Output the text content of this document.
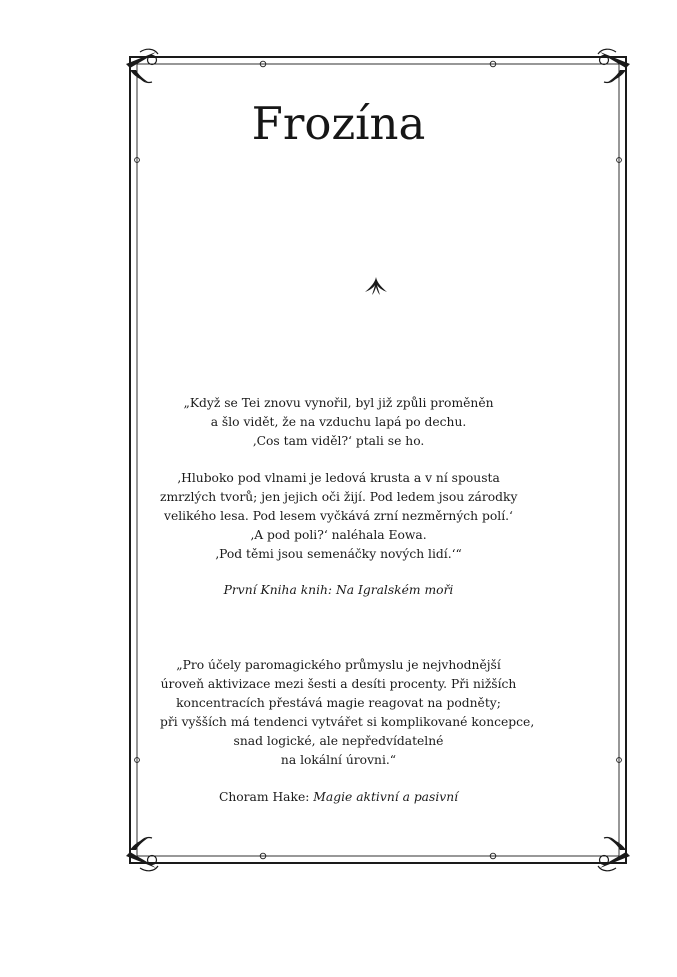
Frozína

„Když se Tei znovu vynořil, byl již způli proměněn

a šlo vidět, že na vzduchu lapá po dechu.

‚Cos tam viděl?‘ ptali se ho.

‚Hluboko pod vlnami je ledová krusta a v ní spousta

zmrzlých tvorů; jen jejich oči žijí. Pod ledem jsou zárodky

velikého lesa. Pod lesem vyčkává zrní nezměrných polí.‘

‚A pod poli?‘ naléhala Eowa.

‚Pod těmi jsou semenáčky nových lidí.‘“

První Kniha knih: Na Igralském moři

„Pro účely paromagického průmyslu je nejvhodnější

úroveň aktivizace mezi šesti a desíti procenty. Při nižších

koncentracích přestává magie reagovat na podněty;

při vyšších má tendenci vytvářet si komplikované koncepce,

snad logické, ale nepředvídatelné

na lokální úrovni.“

Choram Hake: Magie aktivní a pasivní
